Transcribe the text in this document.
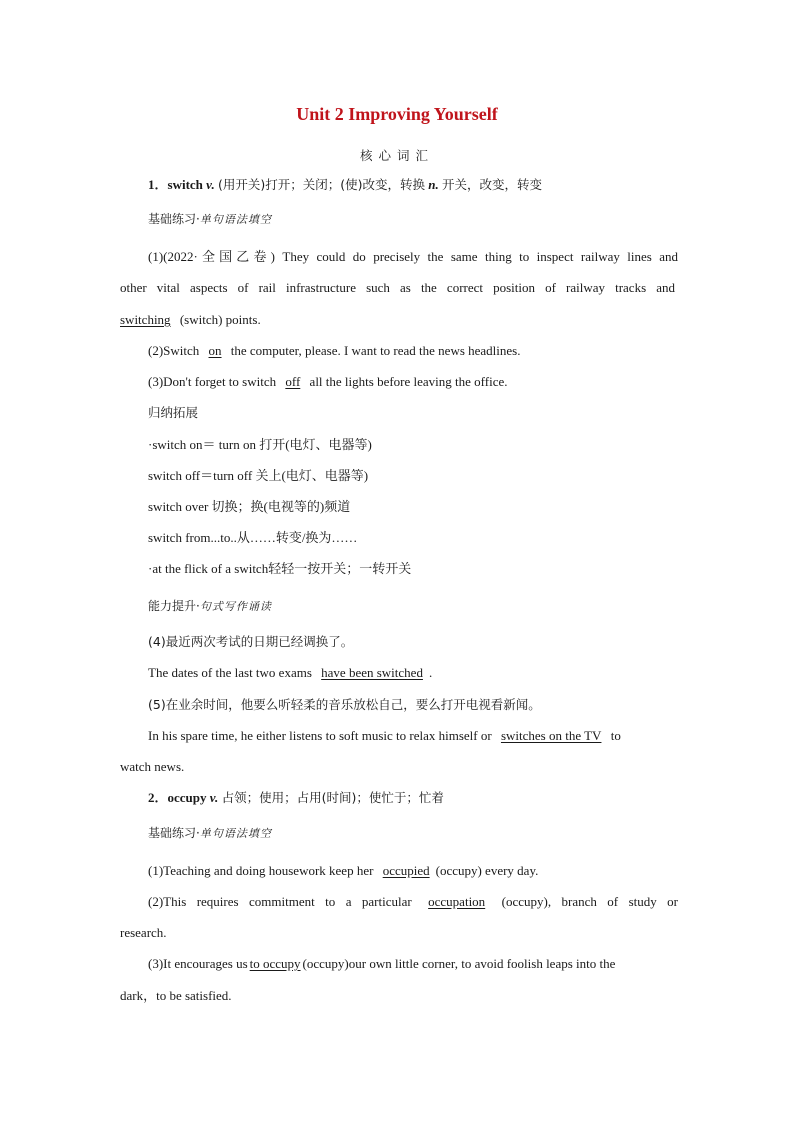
Unit 2 Improving Yourself
核心词汇
1．switch v. (用开关)打开；关闭；(使)改变，转换 n. 开关，改变，转变
基础练习·单句语法填空
(1)(2022·全国乙卷) They could do precisely the same thing to inspect railway lines and
other vital aspects of rail infrastructure such as the correct position of railway tracks and
switching (switch) points.
(2)Switch on the computer, please. I want to read the news headlines.
(3)Don't forget to switch off all the lights before leaving the office.
归纳拓展
·switch on＝ turn on 打开(电灯、电器等)
switch off＝turn off 关上(电灯、电器等)
switch over 切换；换(电视等的)频道
switch from...to..从……转变/换为……
·at the flick of a switch轻轻一按开关；一转开关
能力提升·句式写作诵读
(4)最近两次考试的日期已经调换了。
The dates of the last two exams have been switched .
(5)在业余时间，他要么听轻柔的音乐放松自己，要么打开电视看新闻。
In his spare time, he either listens to soft music to relax himself or switches on the TV to
watch news.
2．occupy v. 占领；使用；占用(时间)；使忙于；忙着
基础练习·单句语法填空
(1)Teaching and doing housework keep her occupied (occupy) every day.
(2)This requires commitment to a particular occupation (occupy), branch of study or
research.
(3)It encourages us to occupy (occupy)our own little corner, to avoid foolish leaps into the
dark，to be satisfied.
